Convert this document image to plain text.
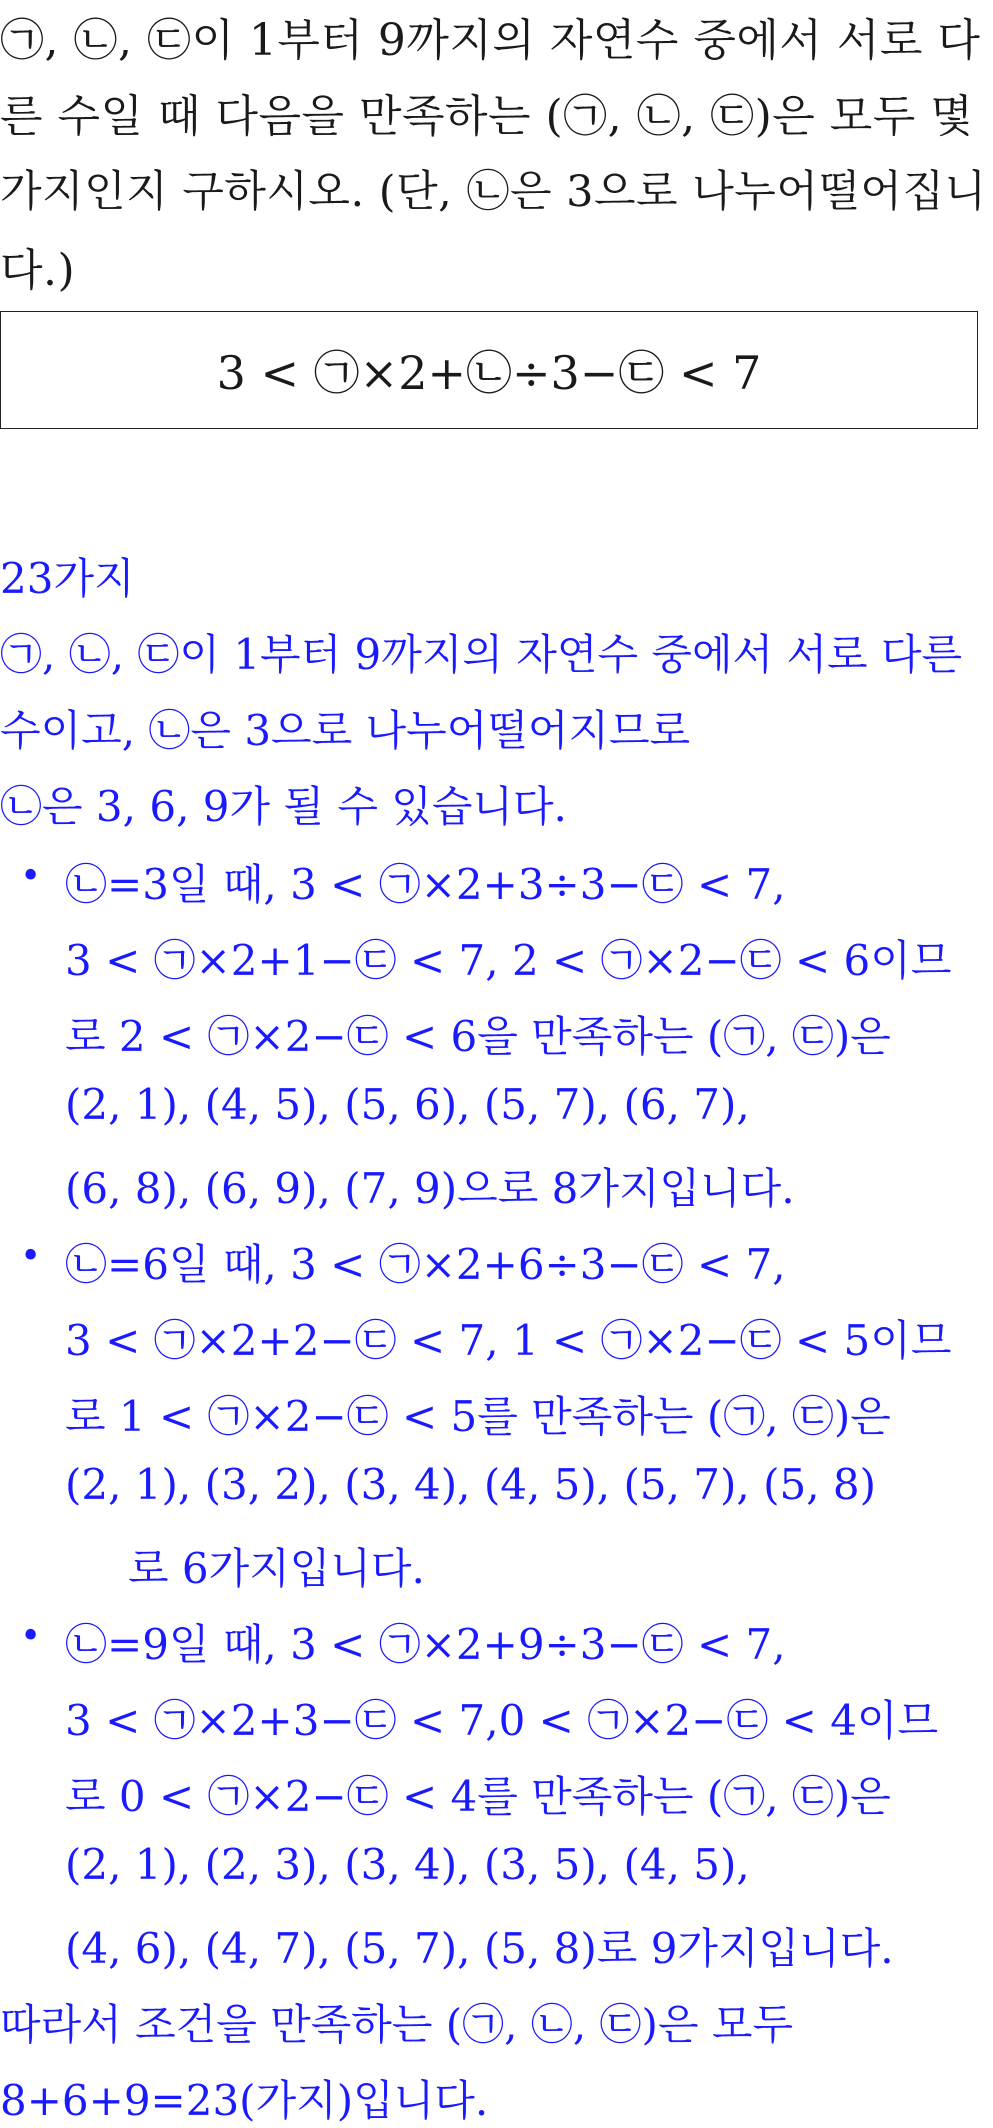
㉠, ㉡, ㉢이 1부터 9까지의 자연수 중에서 서로 다
른 수일 때 다음을 만족하는 (㉠, ㉡, ㉢)은 모두 몇
가지인지 구하시오. (단, ㉡은 3으로 나누어떨어집니
다.)
3 < ㉠×2+㉡÷3−㉢ < 7
23가지
㉠, ㉡, ㉢이 1부터 9까지의 자연수 중에서 서로 다른
수이고, ㉡은 3으로 나누어떨어지므로
㉡은 3, 6, 9가 될 수 있습니다.
• ㉡=3일 때, 3 < ㉠×2+3÷3−㉢ < 7,
3 < ㉠×2+1−㉢ < 7, 2 < ㉠×2−㉢ < 6이므
로 2 < ㉠×2−㉢ < 6을 만족하는 (㉠, ㉢)은
(2, 1), (4, 5), (5, 6), (5, 7), (6, 7),
(6, 8), (6, 9), (7, 9)으로 8가지입니다.
• ㉡=6일 때, 3 < ㉠×2+6÷3−㉢ < 7,
3 < ㉠×2+2−㉢ < 7, 1 < ㉠×2−㉢ < 5이므
로 1 < ㉠×2−㉢ < 5를 만족하는 (㉠, ㉢)은
(2, 1), (3, 2), (3, 4), (4, 5), (5, 7), (5, 8)
로 6가지입니다.
• ㉡=9일 때, 3 < ㉠×2+9÷3−㉢ < 7,
3 < ㉠×2+3−㉢ < 7,0 < ㉠×2−㉢ < 4이므
로 0 < ㉠×2−㉢ < 4를 만족하는 (㉠, ㉢)은
(2, 1), (2, 3), (3, 4), (3, 5), (4, 5),
(4, 6), (4, 7), (5, 7), (5, 8)로 9가지입니다.
따라서 조건을 만족하는 (㉠, ㉡, ㉢)은 모두
8+6+9=23(가지)입니다.
